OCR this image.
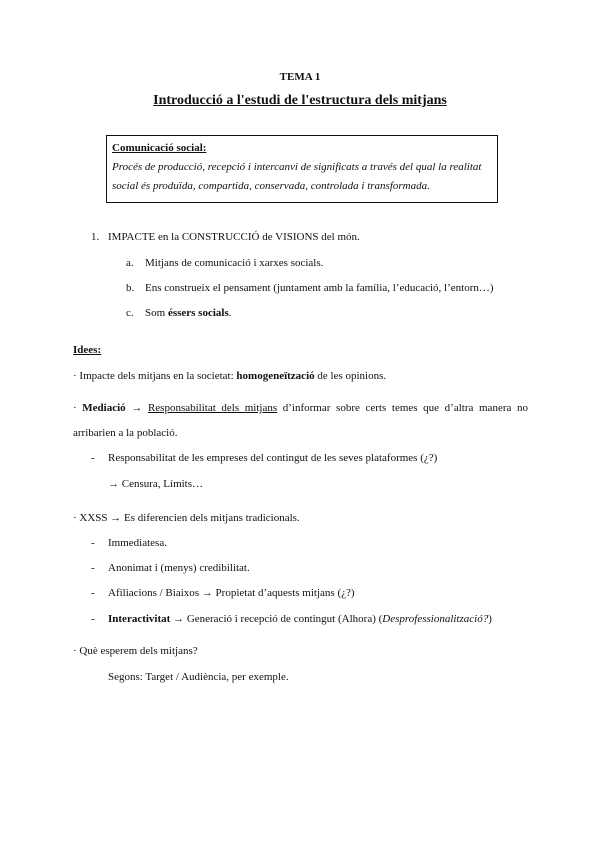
TEMA 1
Introducció a l'estudi de l'estructura dels mitjans
Comunicació social:
Procés de producció, recepció i intercanvi de significats a través del qual la realitat
social és produïda, compartida, conservada, controlada i transformada.
1. IMPACTE en la CONSTRUCCIÓ de VISIONS del món.
a. Mitjans de comunicació i xarxes socials.
b. Ens construeix el pensament (juntament amb la família, l’educació, l’entorn…)
c. Som éssers socials.
Idees:
· Impacte dels mitjans en la societat: homogeneïtzació de les opinions.
· Mediació → Responsabilitat dels mitjans d’informar sobre certs temes que d’altra manera no
arribarien a la població.
- Responsabilitat de les empreses del contingut de les seves plataformes (¿?)
→ Censura, Límits…
· XXSS → Es diferencien dels mitjans tradicionals.
- Immediatesa.
- Anonimat i (menys) credibilitat.
- Afiliacions / Biaixos → Propietat d’aquests mitjans (¿?)
- Interactivitat → Generació i recepció de contingut (Alhora) (Desprofessionalització?)
· Què esperem dels mitjans?
Segons: Target / Audiència, per exemple.
